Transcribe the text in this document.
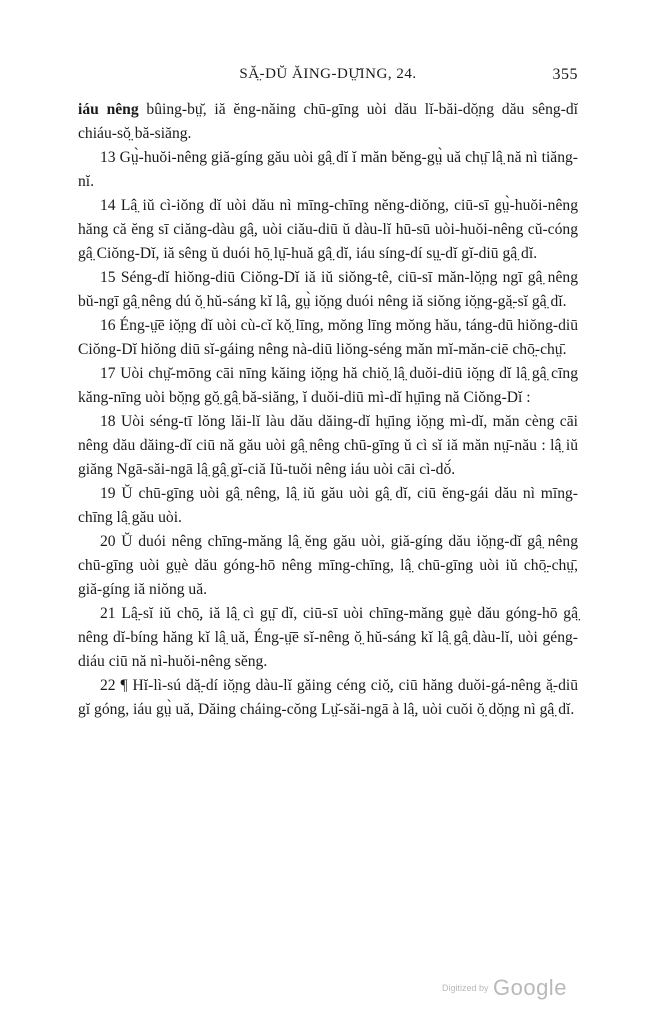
SĂ̤-DŬ ĂING-DṲ̆ING, 24.	355

iáu nêng bûing-bṳ̆, iă ĕng-năing chū-gīng uòi dău lĭ-băi-dŏ̤ng dău sêng-dĭ chiáu-sŏ̤ bă-siăng.

13 Gṳ̀-huŏi-nêng giă-gíng gău uòi gâ̤ dĭ ĭ măn bĕng-gṳ̀ uă chṳ̄ lâ̤ nă nì tiăng-nĭ.

14 Lâ̤ iŭ cì-iŏng dĭ uòi dău nì mīng-chīng nĕng-diŏng, ciū-sī gṳ̀-huŏi-nêng hăng că ĕng sī ciăng-dàu gâ̤, uòi ciău-diū ŭ dàu-lĭ hū-sū uòi-huŏi-nêng cŭ-cóng gâ̤ Ciŏng-Dĭ, iă sêng ŭ duói hō̤ lṳ̄-huă gâ̤ dĭ, iáu síng-dí sṳ̣-dĭ gĭ-diū gâ̤ dĭ.

15 Séng-dĭ hiŏng-diū Ciŏng-Dĭ iă iŭ siŏng-tê, ciū-sī măn-lŏ̤ng ngī gâ̤ nêng bŭ-ngī gâ̤ nêng dú ŏ̤ hŭ-sáng kĭ lâ̤, gṳ̀ iŏ̤ng duói nêng iă siŏng iŏ̤ng-gă̤-sĭ gâ̤ dĭ.

16 Éng-ṳ̄ē iŏ̤ng dĭ uòi cù-cĭ kŏ̤ līng, mŏng līng mŏng hău, táng-dū hiŏng-diū Ciŏng-Dĭ hiŏng diū sĭ-gáing nêng nà-diū liŏng-séng măn mĭ-măn-ciē chō̤-chṳ̄.

17 Uòi chṳ̆-mōng cāi nīng kăing iŏ̤ng hă chiŏ̤ lâ̤ duŏi-diū iŏ̤ng dĭ lâ̤ gâ̤ cīng kăng-nīng uòi bŏ̤ng gŏ̤ gâ̤ bă-siăng, ĭ duŏi-diū mì-dĭ hṳ̄ing nă Ciŏng-Dĭ :

18 Uòi séng-tī lŏng lăi-lĭ làu dău dăing-dĭ hṳ̄ing iŏ̤ng mì-dĭ, măn cèng cāi nêng dău dăing-dĭ ciū nă gău uòi gâ̤ nêng chū-gīng ŭ cì sĭ iă măn nṳ̄-nău : lâ̤ iŭ giăng Ngā-săi-ngā lâ̤ gâ̤ gĭ-ciă Iŭ-tuŏi nêng iáu uòi cāi cì-dŏ́.

19 Ŭ chū-gīng uòi gâ̤ nêng, lâ̤ iŭ gău uòi gâ̤ dĭ, ciū ĕng-gái dău nì mīng-chīng lâ̤ gău uòi.

20 Ŭ duói nêng chīng-măng lâ̤ ĕng gău uòi, giă-gíng dău iŏ̤ng-dĭ gâ̤ nêng chū-gīng uòi gṳè dău góng-hō nêng mīng-chīng, lâ̤ chū-gīng uòi iŭ chō̤-chṳ̄, giă-gíng iă niŏng uă.

21 Lâ̤-sĭ iŭ chō̤, iă lâ̤ cì gṳ̄ dĭ, ciū-sī uòi chīng-măng gṳè dău góng-hō gâ̤ nêng dĭ-bíng hăng kĭ lâ̤ uă, Éng-ṳ̄ē sĭ-nêng ŏ̤ hŭ-sáng kĭ lâ̤ gâ̤ dàu-lĭ, uòi géng-diáu ciū nă nì-huŏi-nêng sĕng.

22 ¶ Hĭ-lì-sú dă̤-dí iŏ̤ng dàu-lĭ găing céng ciŏ̤, ciū hăng duŏi-gá-nêng ă̤-diū gĭ góng, iáu gṳ̀ uă, Dăing cháing-cŏng Lṳ̆-săi-ngā à lâ̤, uòi cuŏi ŏ̤ dŏ̤ng nì gâ̤ dĭ.

Digitized by Google
